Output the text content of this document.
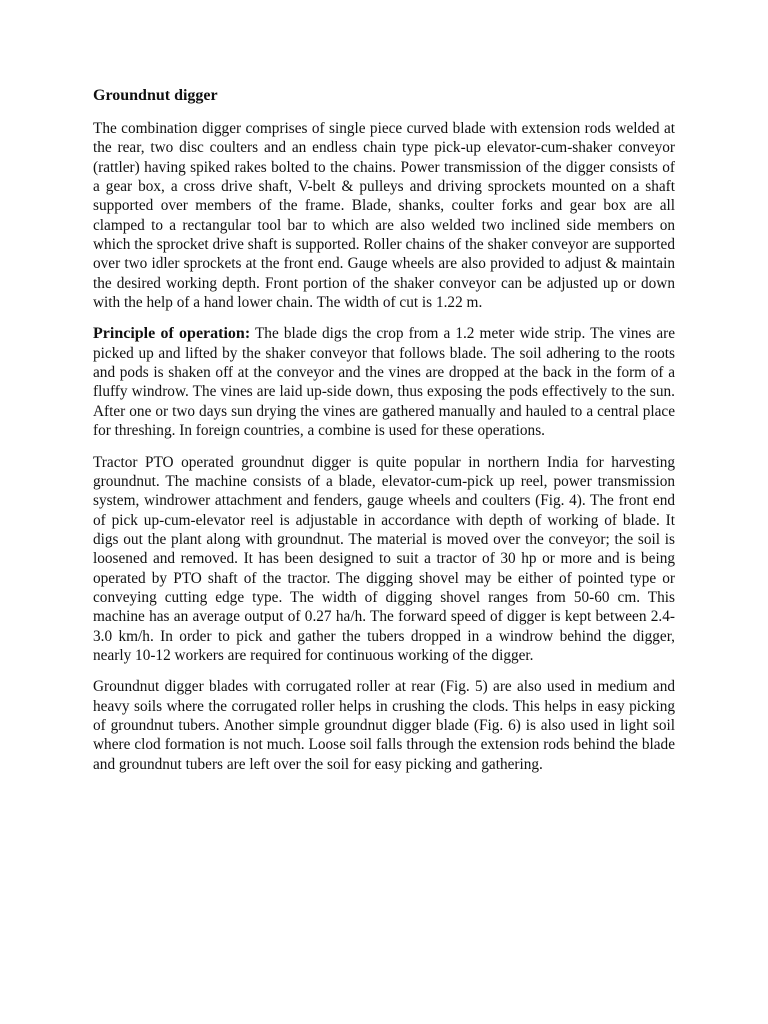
Groundnut digger

The combination digger comprises of single piece curved blade with extension rods welded at the rear, two disc coulters and an endless chain type pick-up elevator-cum-shaker conveyor (rattler) having spiked rakes bolted to the chains. Power transmission of the digger consists of a gear box, a cross drive shaft, V-belt & pulleys and driving sprockets mounted on a shaft supported over members of the frame. Blade, shanks, coulter forks and gear box are all clamped to a rectangular tool bar to which are also welded two inclined side members on which the sprocket drive shaft is supported. Roller chains of the shaker conveyor are supported over two idler sprockets at the front end. Gauge wheels are also provided to adjust & maintain the desired working depth. Front portion of the shaker conveyor can be adjusted up or down with the help of a hand lower chain. The width of cut is 1.22 m.

Principle of operation: The blade digs the crop from a 1.2 meter wide strip. The vines are picked up and lifted by the shaker conveyor that follows blade. The soil adhering to the roots and pods is shaken off at the conveyor and the vines are dropped at the back in the form of a fluffy windrow. The vines are laid up-side down, thus exposing the pods effectively to the sun. After one or two days sun drying the vines are gathered manually and hauled to a central place for threshing. In foreign countries, a combine is used for these operations.

Tractor PTO operated groundnut digger is quite popular in northern India for harvesting groundnut. The machine consists of a blade, elevator-cum-pick up reel, power transmission system, windrower attachment and fenders, gauge wheels and coulters (Fig. 4). The front end of pick up-cum-elevator reel is adjustable in accordance with depth of working of blade. It digs out the plant along with groundnut. The material is moved over the conveyor; the soil is loosened and removed. It has been designed to suit a tractor of 30 hp or more and is being operated by PTO shaft of the tractor. The digging shovel may be either of pointed type or conveying cutting edge type. The width of digging shovel ranges from 50-60 cm. This machine has an average output of 0.27 ha/h. The forward speed of digger is kept between 2.4-3.0 km/h. In order to pick and gather the tubers dropped in a windrow behind the digger, nearly 10-12 workers are required for continuous working of the digger.

Groundnut digger blades with corrugated roller at rear (Fig. 5) are also used in medium and heavy soils where the corrugated roller helps in crushing the clods. This helps in easy picking of groundnut tubers. Another simple groundnut digger blade (Fig. 6) is also used in light soil where clod formation is not much. Loose soil falls through the extension rods behind the blade and groundnut tubers are left over the soil for easy picking and gathering.
